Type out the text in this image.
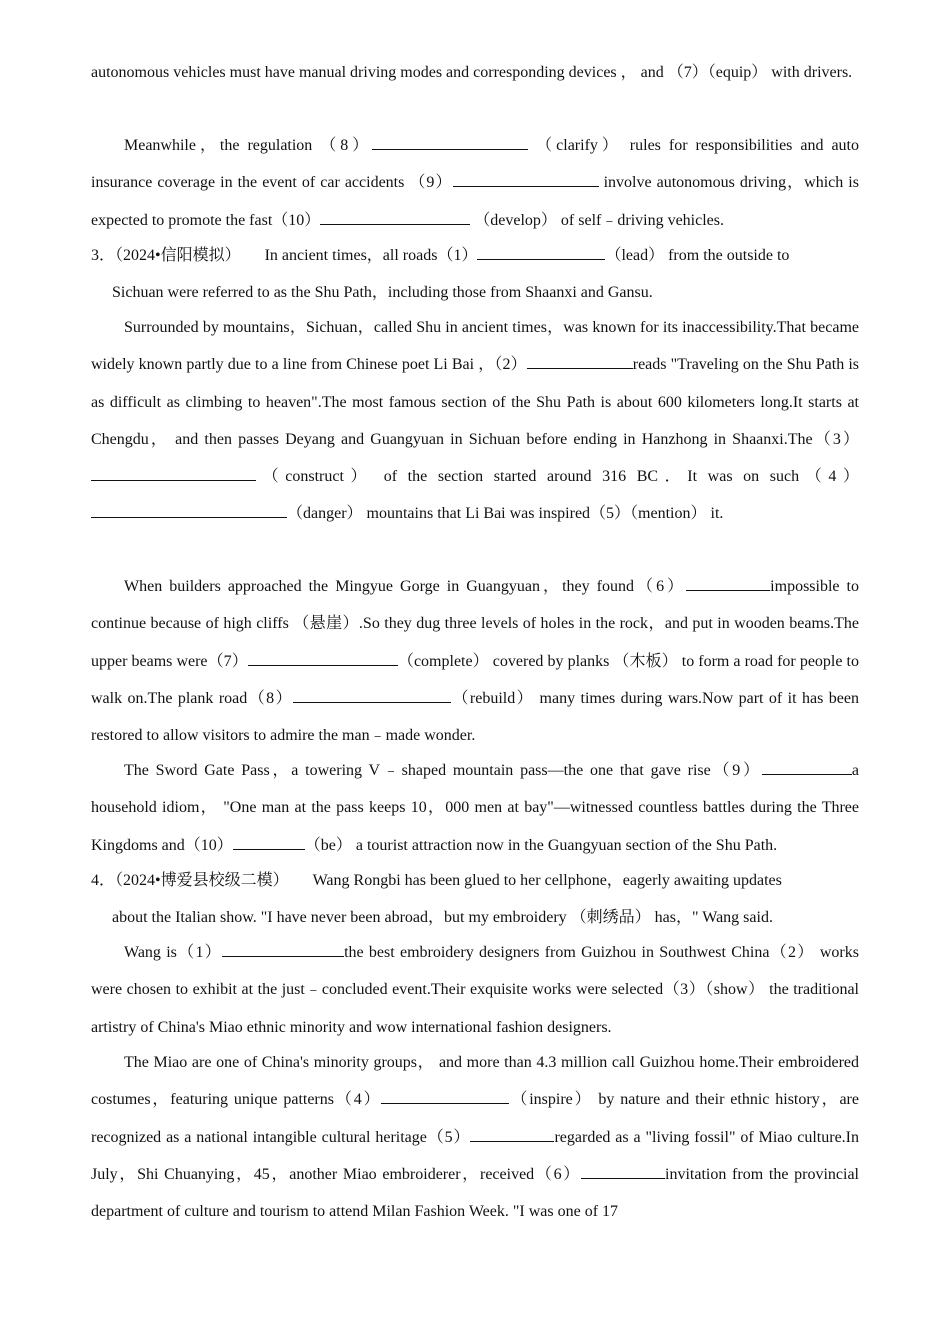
autonomous vehicles must have manual driving modes and corresponding devices ， and （7）（equip） with drivers.

Meanwhile，the regulation （8）	（clarify） rules for responsibilities and auto insurance coverage in the event of car accidents （9）	involve autonomous driving，which is expected to promote the fast（10）	（develop） of self﹣driving vehicles.

3．（2024•信阳模拟）　　In ancient times，all roads（1）	（lead） from the outside to
Sichuan were referred to as the Shu Path，including those from Shaanxi and Gansu.

Surrounded by mountains，Sichuan，called Shu in ancient times，was known for its inaccessibility.That became widely known partly due to a line from Chinese poet Li Bai ，（2）	reads "Traveling on the Shu Path is as difficult as climbing to heaven".The most famous section of the Shu Path is about 600 kilometers long.It starts at Chengdu， and then passes Deyang and Guangyuan in Sichuan before ending in Hanzhong in Shaanxi.The（3）（construct） of the section started around 316 BC．It was on such（4）（danger） mountains that Li Bai was inspired（5）（mention） it.

When builders approached the Mingyue Gorge in Guangyuan，they found（6）	impossible to continue because of high cliffs （悬崖）.So they dug three levels of holes in the rock，and put in wooden beams.The upper beams were（7）	（complete） covered by planks （木板） to form a road for people to walk on.The plank road（8）	（rebuild） many times during wars.Now part of it has been restored to allow visitors to admire the man﹣made wonder.

The Sword Gate Pass，a towering V﹣shaped mountain pass—the one that gave rise（9）	a household idiom， "One man at the pass keeps 10，000 men at bay"—witnessed countless battles during the Three Kingdoms and（10）	（be） a tourist attraction now in the Guangyuan section of the Shu Path.

4．（2024•博爱县校级二模）　　Wang Rongbi has been glued to her cellphone，eagerly awaiting updates
about the Italian show. "I have never been abroad，but my embroidery （刺绣品） has，" Wang said.

Wang is（1）	the best embroidery designers from Guizhou in Southwest China（2） works were chosen to exhibit at the just﹣concluded event.Their exquisite works were selected（3）（show） the traditional artistry of China's Miao ethnic minority and wow international fashion designers.

The Miao are one of China's minority groups， and more than 4.3 million call Guizhou home.Their embroidered costumes，featuring unique patterns（4）	（inspire） by nature and their ethnic history，are recognized as a national intangible cultural heritage（5）	regarded as a "living fossil" of Miao culture.In July，Shi Chuanying，45，another Miao embroiderer，received（6）	invitation from the provincial department of culture and tourism to attend Milan Fashion Week. "I was one of 17
